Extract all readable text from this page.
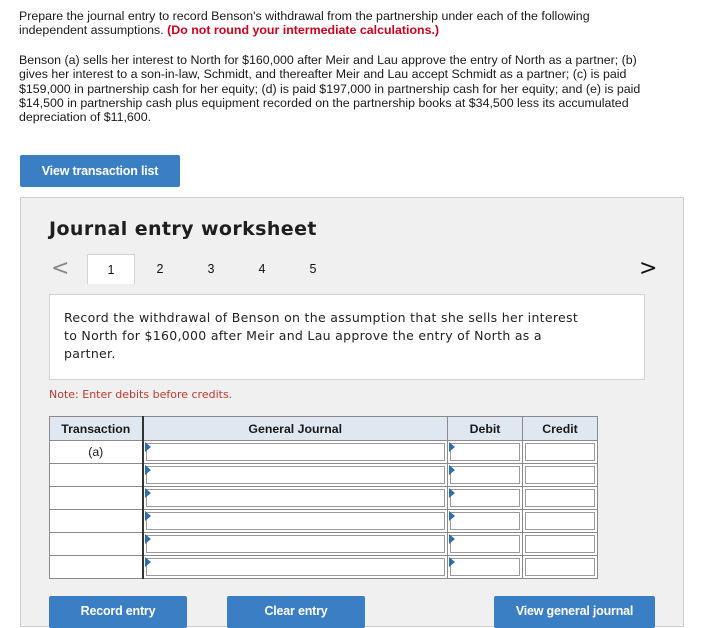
Prepare the journal entry to record Benson's withdrawal from the partnership under each of the following independent assumptions. (Do not round your intermediate calculations.)

Benson (a) sells her interest to North for $160,000 after Meir and Lau approve the entry of North as a partner; (b) gives her interest to a son-in-law, Schmidt, and thereafter Meir and Lau accept Schmidt as a partner; (c) is paid $159,000 in partnership cash for her equity; (d) is paid $197,000 in partnership cash for her equity; and (e) is paid $14,500 in partnership cash plus equipment recorded on the partnership books at $34,500 less its accumulated depreciation of $11,600.

View transaction list
Journal entry worksheet
<	1	2	3	4	5	>
Record the withdrawal of Benson on the assumption that she sells her interest to North for $160,000 after Meir and Lau approve the entry of North as a partner.
Note: Enter debits before credits.
Transaction	General Journal	Debit	Credit
(a)	

Record entry	Clear entry	View general journal
